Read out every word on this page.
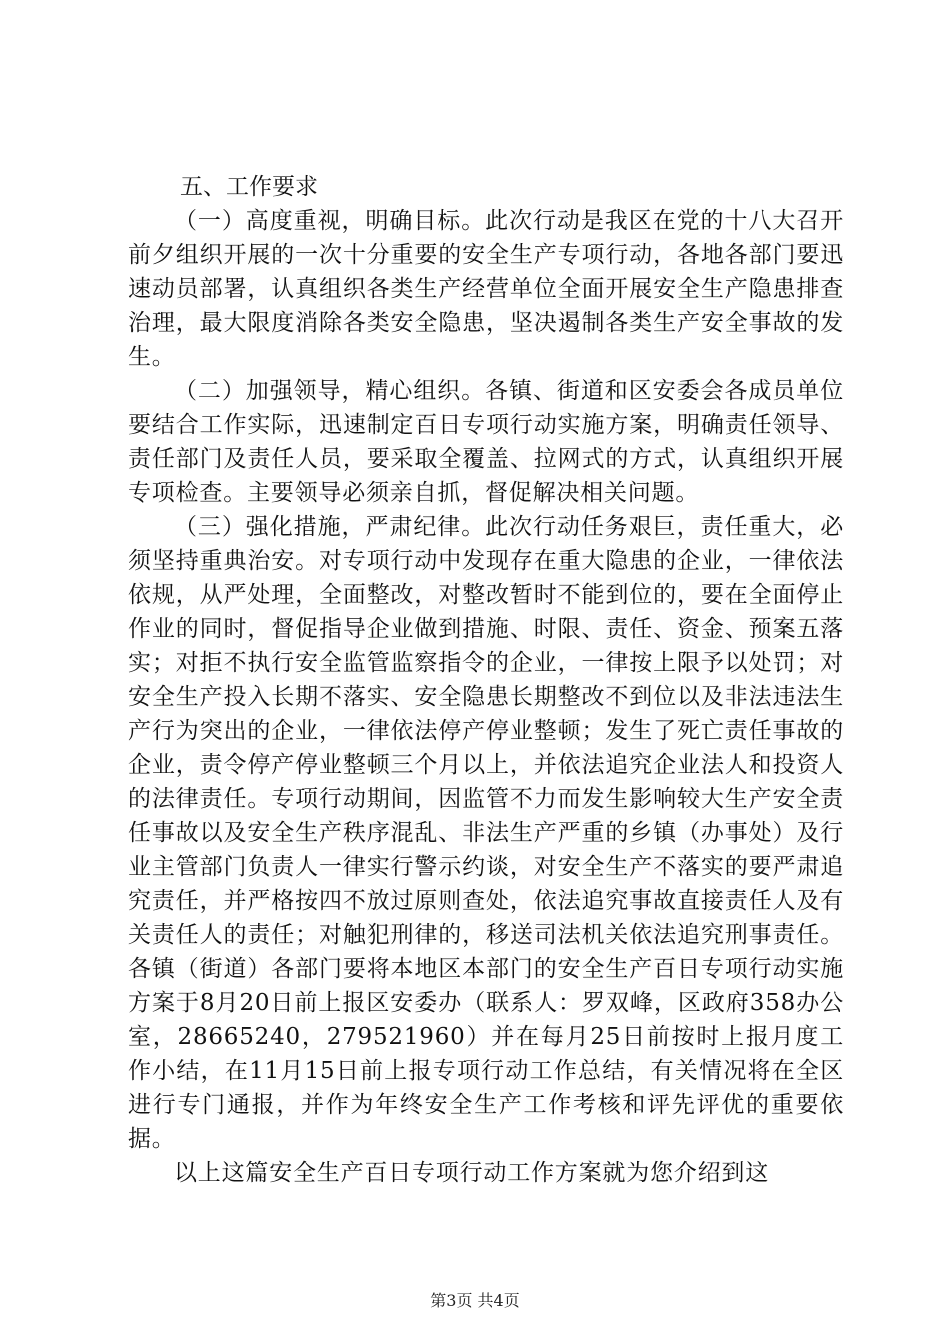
五、工作要求

（一）高度重视，明确目标。此次行动是我区在党的十八大召开前夕组织开展的一次十分重要的安全生产专项行动，各地各部门要迅速动员部署，认真组织各类生产经营单位全面开展安全生产隐患排查治理，最大限度消除各类安全隐患，坚决遏制各类生产安全事故的发生。

（二）加强领导，精心组织。各镇、街道和区安委会各成员单位要结合工作实际，迅速制定百日专项行动实施方案，明确责任领导、责任部门及责任人员，要采取全覆盖、拉网式的方式，认真组织开展专项检查。主要领导必须亲自抓，督促解决相关问题。

（三）强化措施，严肃纪律。此次行动任务艰巨，责任重大，必须坚持重典治安。对专项行动中发现存在重大隐患的企业，一律依法依规，从严处理，全面整改，对整改暂时不能到位的，要在全面停止作业的同时，督促指导企业做到措施、时限、责任、资金、预案五落实；对拒不执行安全监管监察指令的企业，一律按上限予以处罚；对安全生产投入长期不落实、安全隐患长期整改不到位以及非法违法生产行为突出的企业，一律依法停产停业整顿；发生了死亡责任事故的企业，责令停产停业整顿三个月以上，并依法追究企业法人和投资人的法律责任。专项行动期间，因监管不力而发生影响较大生产安全责任事故以及安全生产秩序混乱、非法生产严重的乡镇（办事处）及行业主管部门负责人一律实行警示约谈，对安全生产不落实的要严肃追究责任，并严格按四不放过原则查处，依法追究事故直接责任人及有关责任人的责任；对触犯刑律的，移送司法机关依法追究刑事责任。各镇（街道）各部门要将本地区本部门的安全生产百日专项行动实施方案于8月20日前上报区安委办（联系人：罗双峰，区政府358办公室，28665240，279521960）并在每月25日前按时上报月度工作小结，在11月15日前上报专项行动工作总结，有关情况将在全区进行专门通报，并作为年终安全生产工作考核和评先评优的重要依据。

以上这篇安全生产百日专项行动工作方案就为您介绍到这

第3页 共4页
